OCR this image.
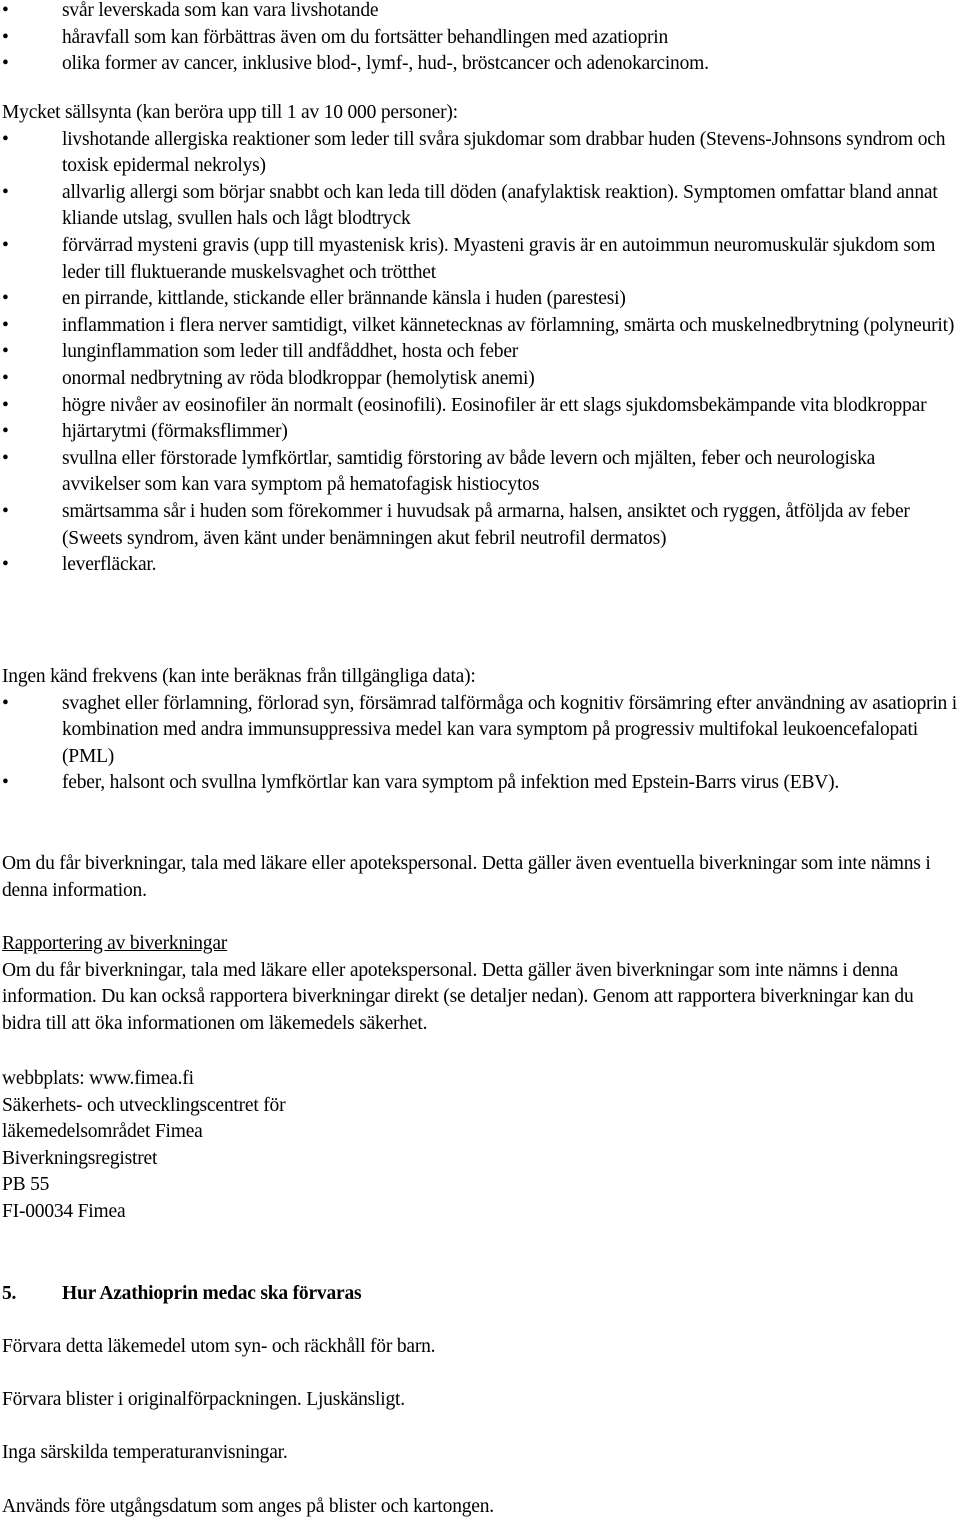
•	svår leverskada som kan vara livshotande
•	håravfall som kan förbättras även om du fortsätter behandlingen med azatioprin
•	olika former av cancer, inklusive blod-, lymf-, hud-, bröstcancer och adenokarcinom.

Mycket sällsynta (kan beröra upp till 1 av 10 000 personer):

•	livshotande allergiska reaktioner som leder till svåra sjukdomar som drabbar huden (Stevens-Johnsons syndrom och toxisk epidermal nekrolys)
•	allvarlig allergi som börjar snabbt och kan leda till döden (anafylaktisk reaktion). Symptomen omfattar bland annat kliande utslag, svullen hals och lågt blodtryck
•	förvärrad mysteni gravis (upp till myastenisk kris). Myasteni gravis är en autoimmun neuromuskulär sjukdom som leder till fluktuerande muskelsvaghet och trötthet
•	en pirrande, kittlande, stickande eller brännande känsla i huden (parestesi)
•	inflammation i flera nerver samtidigt, vilket kännetecknas av förlamning, smärta och muskelnedbrytning (polyneurit)
•	lunginflammation som leder till andfåddhet, hosta och feber
•	onormal nedbrytning av röda blodkroppar (hemolytisk anemi)
•	högre nivåer av eosinofiler än normalt (eosinofili). Eosinofiler är ett slags sjukdomsbekämpande vita blodkroppar
•	hjärtarytmi (förmaksflimmer)
•	svullna eller förstorade lymfkörtlar, samtidig förstoring av både levern och mjälten, feber och neurologiska avvikelser som kan vara symptom på hematofagisk histiocytos
•	smärtsamma sår i huden som förekommer i huvudsak på armarna, halsen, ansiktet och ryggen, åtföljda av feber (Sweets syndrom, även känt under benämningen akut febril neutrofil dermatos)
•	leverfläckar.

Ingen känd frekvens (kan inte beräknas från tillgängliga data):

•	svaghet eller förlamning, förlorad syn, försämrad talförmåga och kognitiv försämring efter användning av asatioprin i kombination med andra immunsuppressiva medel kan vara symptom på progressiv multifokal leukoencefalopati (PML)
•	feber, halsont och svullna lymfkörtlar kan vara symptom på infektion med Epstein-Barrs virus (EBV).

Om du får biverkningar, tala med läkare eller apotekspersonal. Detta gäller även eventuella biverkningar som inte nämns i denna information.

Rapportering av biverkningar

Om du får biverkningar, tala med läkare eller apotekspersonal. Detta gäller även biverkningar som inte nämns i denna information. Du kan också rapportera biverkningar direkt (se detaljer nedan). Genom att rapportera biverkningar kan du bidra till att öka informationen om läkemedels säkerhet.

webbplats: www.fimea.fi

Säkerhets- och utvecklingscentret för

läkemedelsområdet Fimea

Biverkningsregistret

PB 55

FI-00034 Fimea

5. Hur Azathioprin medac ska förvaras

Förvara detta läkemedel utom syn- och räckhåll för barn.

Förvara blister i originalförpackningen. Ljuskänsligt.

Inga särskilda temperaturanvisningar.

Används före utgångsdatum som anges på blister och kartongen.
